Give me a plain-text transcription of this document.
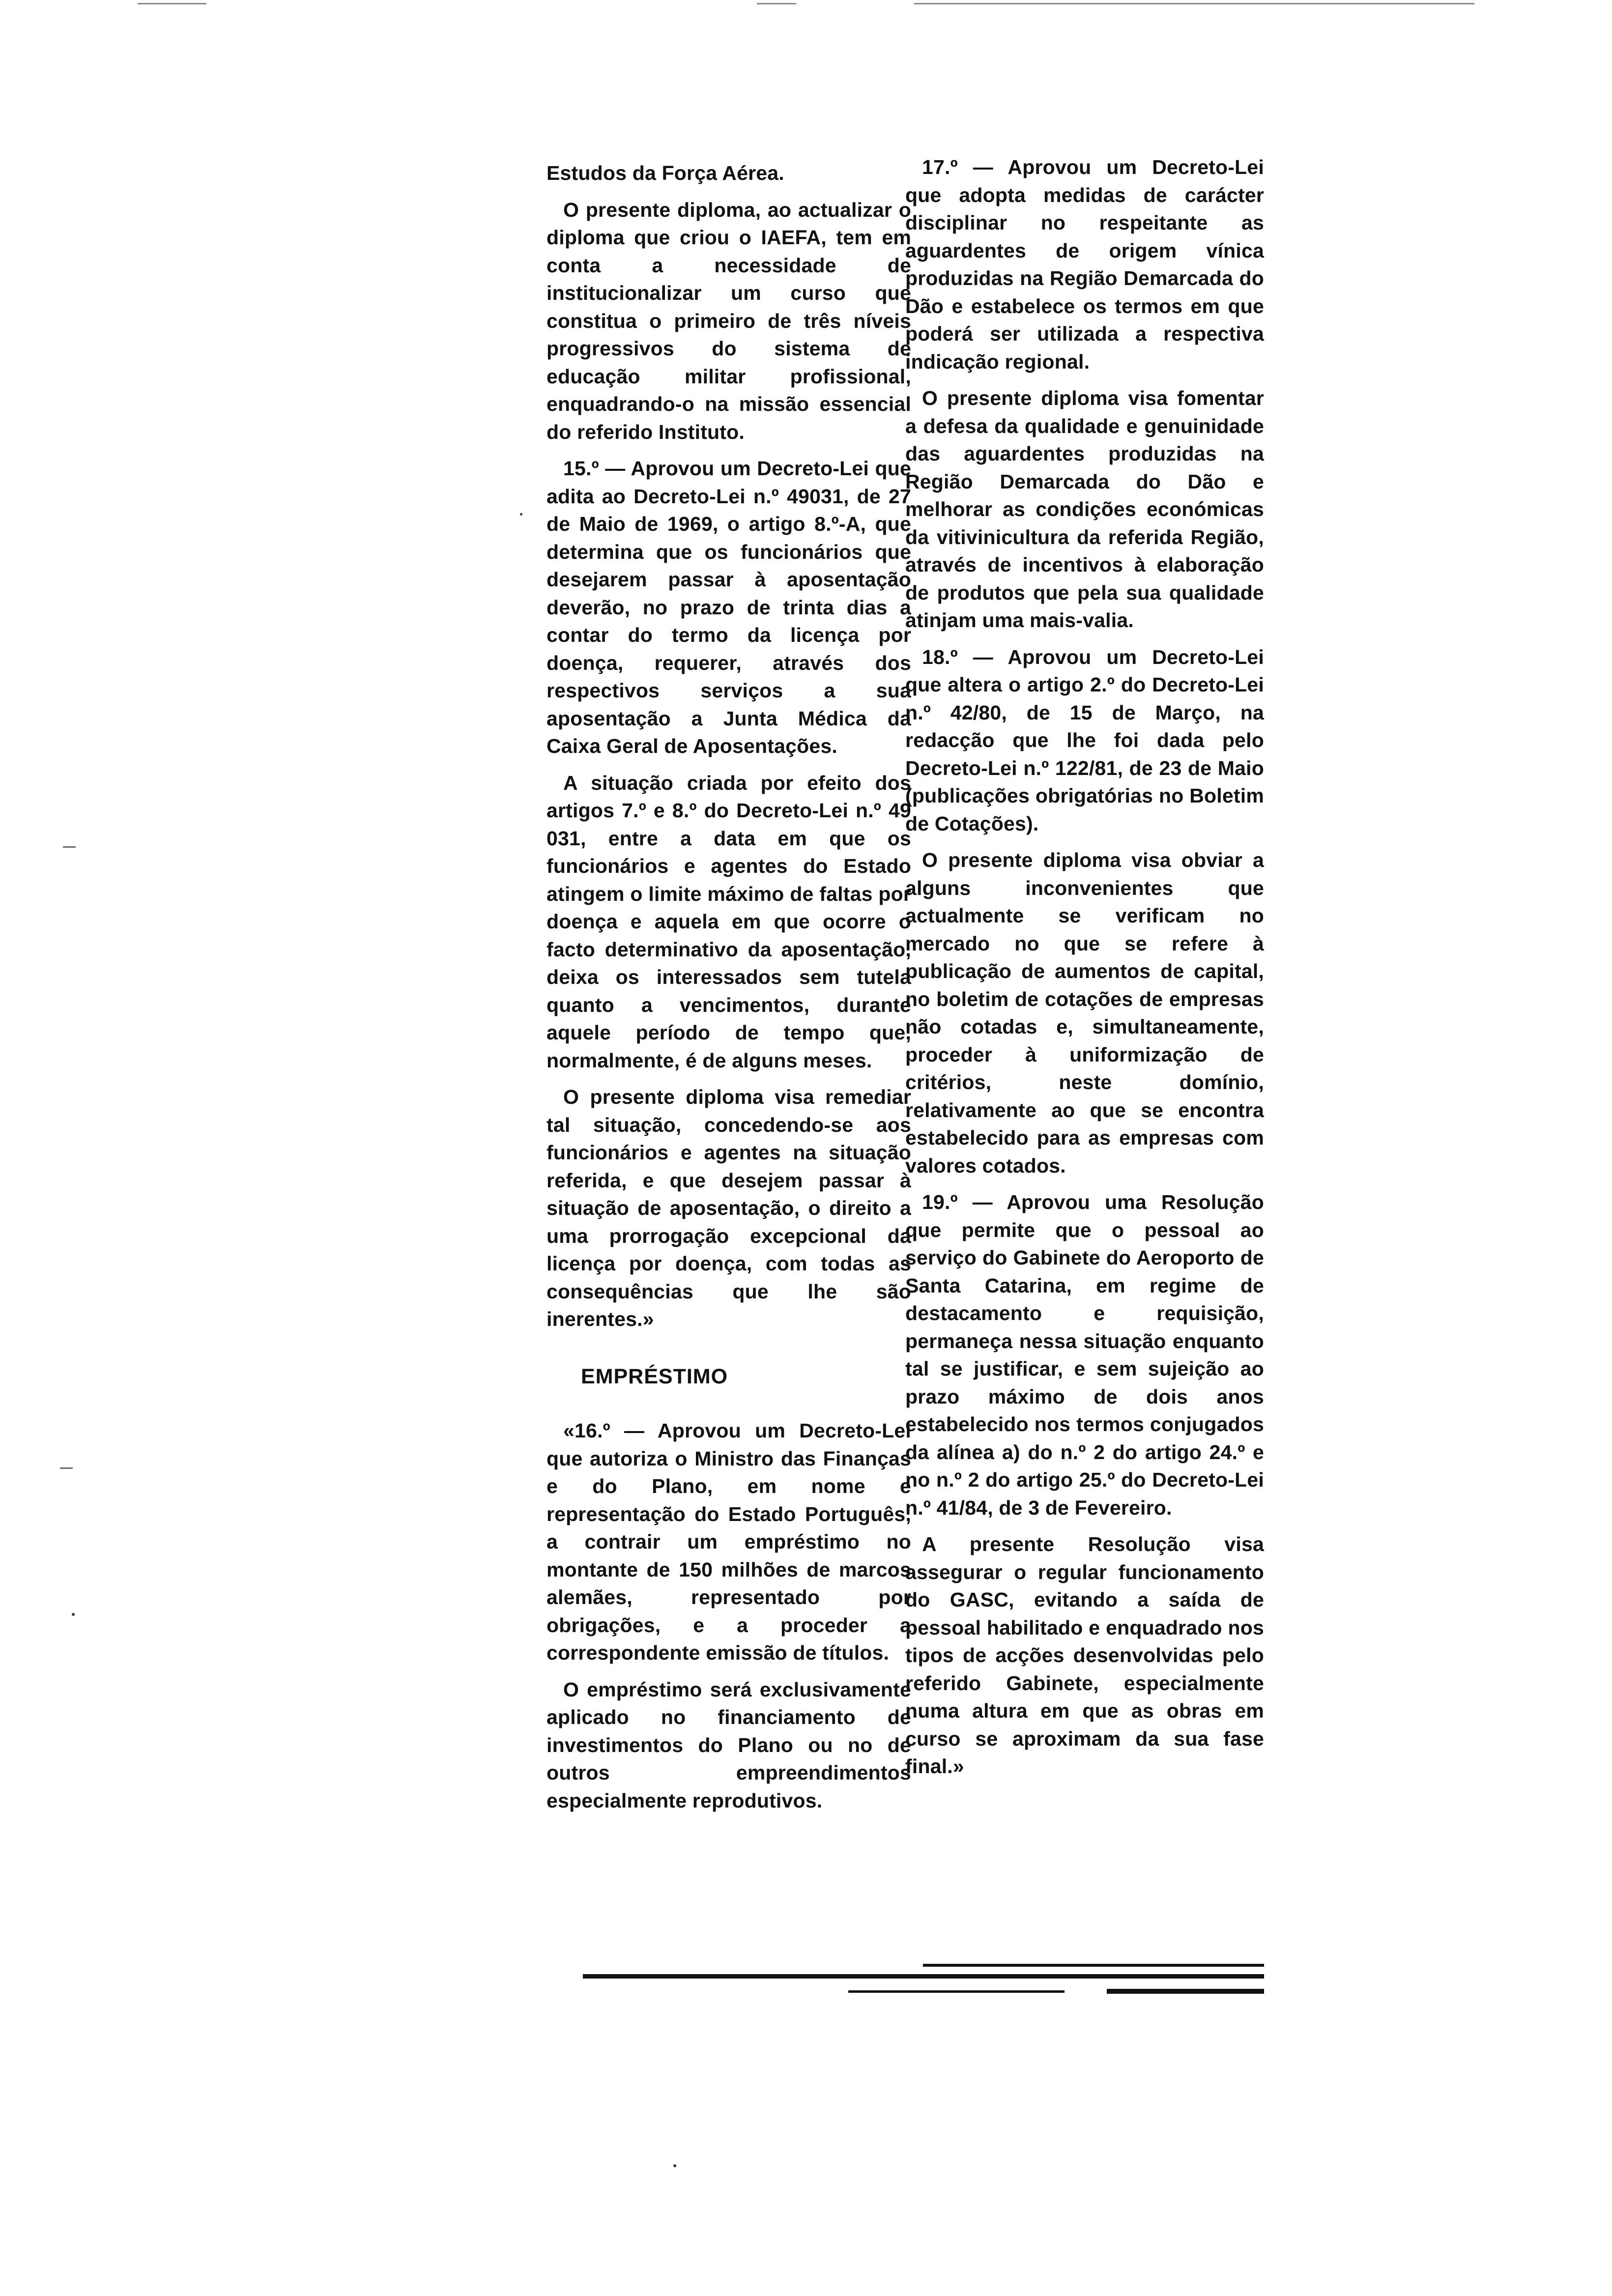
Estudos da Força Aérea.

O presente diploma, ao actualizar o diploma que criou o IAEFA, tem em conta a necessidade de institucionalizar um curso que constitua o primeiro de três níveis progressivos do sistema de educação militar profissional, enquadrando-o na missão essencial do referido Instituto.

15.º — Aprovou um Decreto-Lei que adita ao Decreto-Lei n.º 49031, de 27 de Maio de 1969, o artigo 8.º-A, que determina que os funcionários que desejarem passar à aposentação deverão, no prazo de trinta dias a contar do termo da licença por doença, requerer, através dos respectivos serviços a sua aposentação a Junta Médica da Caixa Geral de Aposentações.

A situação criada por efeito dos artigos 7.º e 8.º do Decreto-Lei n.º 49 031, entre a data em que os funcionários e agentes do Estado atingem o limite máximo de faltas por doença e aquela em que ocorre o facto determinativo da aposentação, deixa os interessados sem tutela quanto a vencimentos, durante aquele período de tempo que, normalmente, é de alguns meses.

O presente diploma visa remediar tal situação, concedendo-se aos funcionários e agentes na situação referida, e que desejem passar à situação de aposentação, o direito a uma prorrogação excepcional da licença por doença, com todas as consequências que lhe são inerentes.»

EMPRÉSTIMO

«16.º — Aprovou um Decreto-Lei que autoriza o Ministro das Finanças e do Plano, em nome e representação do Estado Português, a contrair um empréstimo no montante de 150 milhões de marcos alemães, representado por obrigações, e a proceder a correspondente emissão de títulos.

O empréstimo será exclusivamente aplicado no financiamento de investimentos do Plano ou no de outros empreendimentos especialmente reprodutivos.

17.º — Aprovou um Decreto-Lei que adopta medidas de carácter disciplinar no respeitante as aguardentes de origem vínica produzidas na Região Demarcada do Dão e estabelece os termos em que poderá ser utilizada a respectiva indicação regional.

O presente diploma visa fomentar a defesa da qualidade e genuinidade das aguardentes produzidas na Região Demarcada do Dão e melhorar as condições económicas da vitivinicultura da referida Região, através de incentivos à elaboração de produtos que pela sua qualidade atinjam uma mais-valia.

18.º — Aprovou um Decreto-Lei que altera o artigo 2.º do Decreto-Lei n.º 42/80, de 15 de Março, na redacção que lhe foi dada pelo Decreto-Lei n.º 122/81, de 23 de Maio (publicações obrigatórias no Boletim de Cotações).

O presente diploma visa obviar a alguns inconvenientes que actualmente se verificam no mercado no que se refere à publicação de aumentos de capital, no boletim de cotações de empresas não cotadas e, simultaneamente, proceder à uniformização de critérios, neste domínio, relativamente ao que se encontra estabelecido para as empresas com valores cotados.

19.º — Aprovou uma Resolução que permite que o pessoal ao serviço do Gabinete do Aeroporto de Santa Catarina, em regime de destacamento e requisição, permaneça nessa situação enquanto tal se justificar, e sem sujeição ao prazo máximo de dois anos estabelecido nos termos conjugados da alínea a) do n.º 2 do artigo 24.º e no n.º 2 do artigo 25.º do Decreto-Lei n.º 41/84, de 3 de Fevereiro.

A presente Resolução visa assegurar o regular funcionamento do GASC, evitando a saída de pessoal habilitado e enquadrado nos tipos de acções desenvolvidas pelo referido Gabinete, especialmente numa altura em que as obras em curso se aproximam da sua fase final.»
